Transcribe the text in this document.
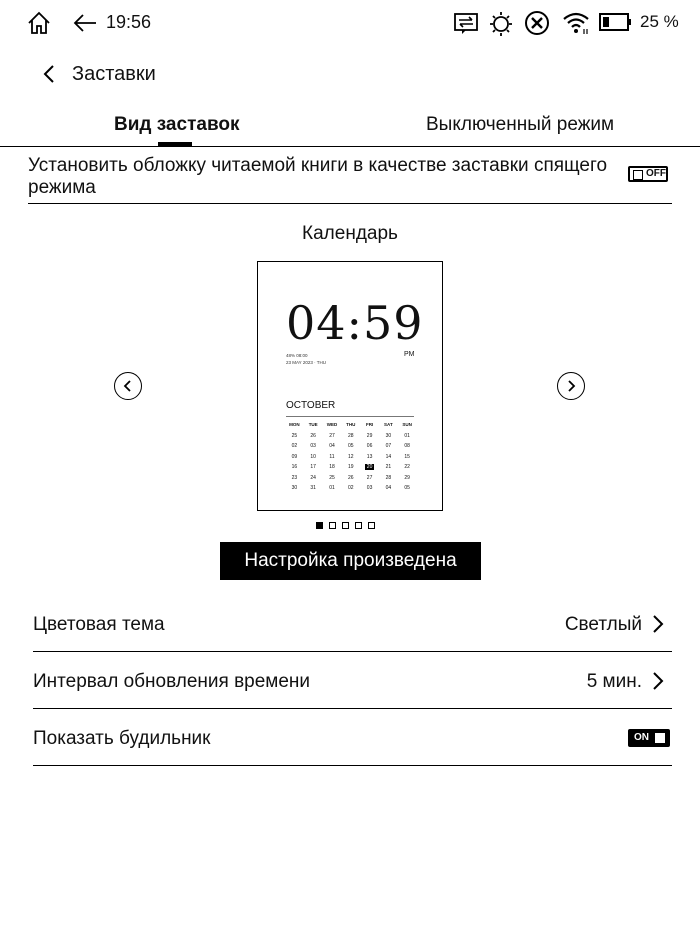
19:56	25 %
Заставки
Вид заставок	Выключенный режим
Установить обложку читаемой книги в качестве заставки спящего режима
OFF
Календарь
04:59
PM
48% 08:00
23 MAY 2023 · THU
OCTOBER
MON	TUE	WED	THU	FRI	SAT	SUN
25	26	27	28	29	30	01
02	03	04	05	06	07	08
09	10	11	12	13	14	15
16	17	18	19	20	21	22
23	24	25	26	27	28	29
30	31	01	02	03	04	05
Настройка произведена
Цветовая тема	Светлый
Интервал обновления времени	5 мин.
Показать будильник	ON
